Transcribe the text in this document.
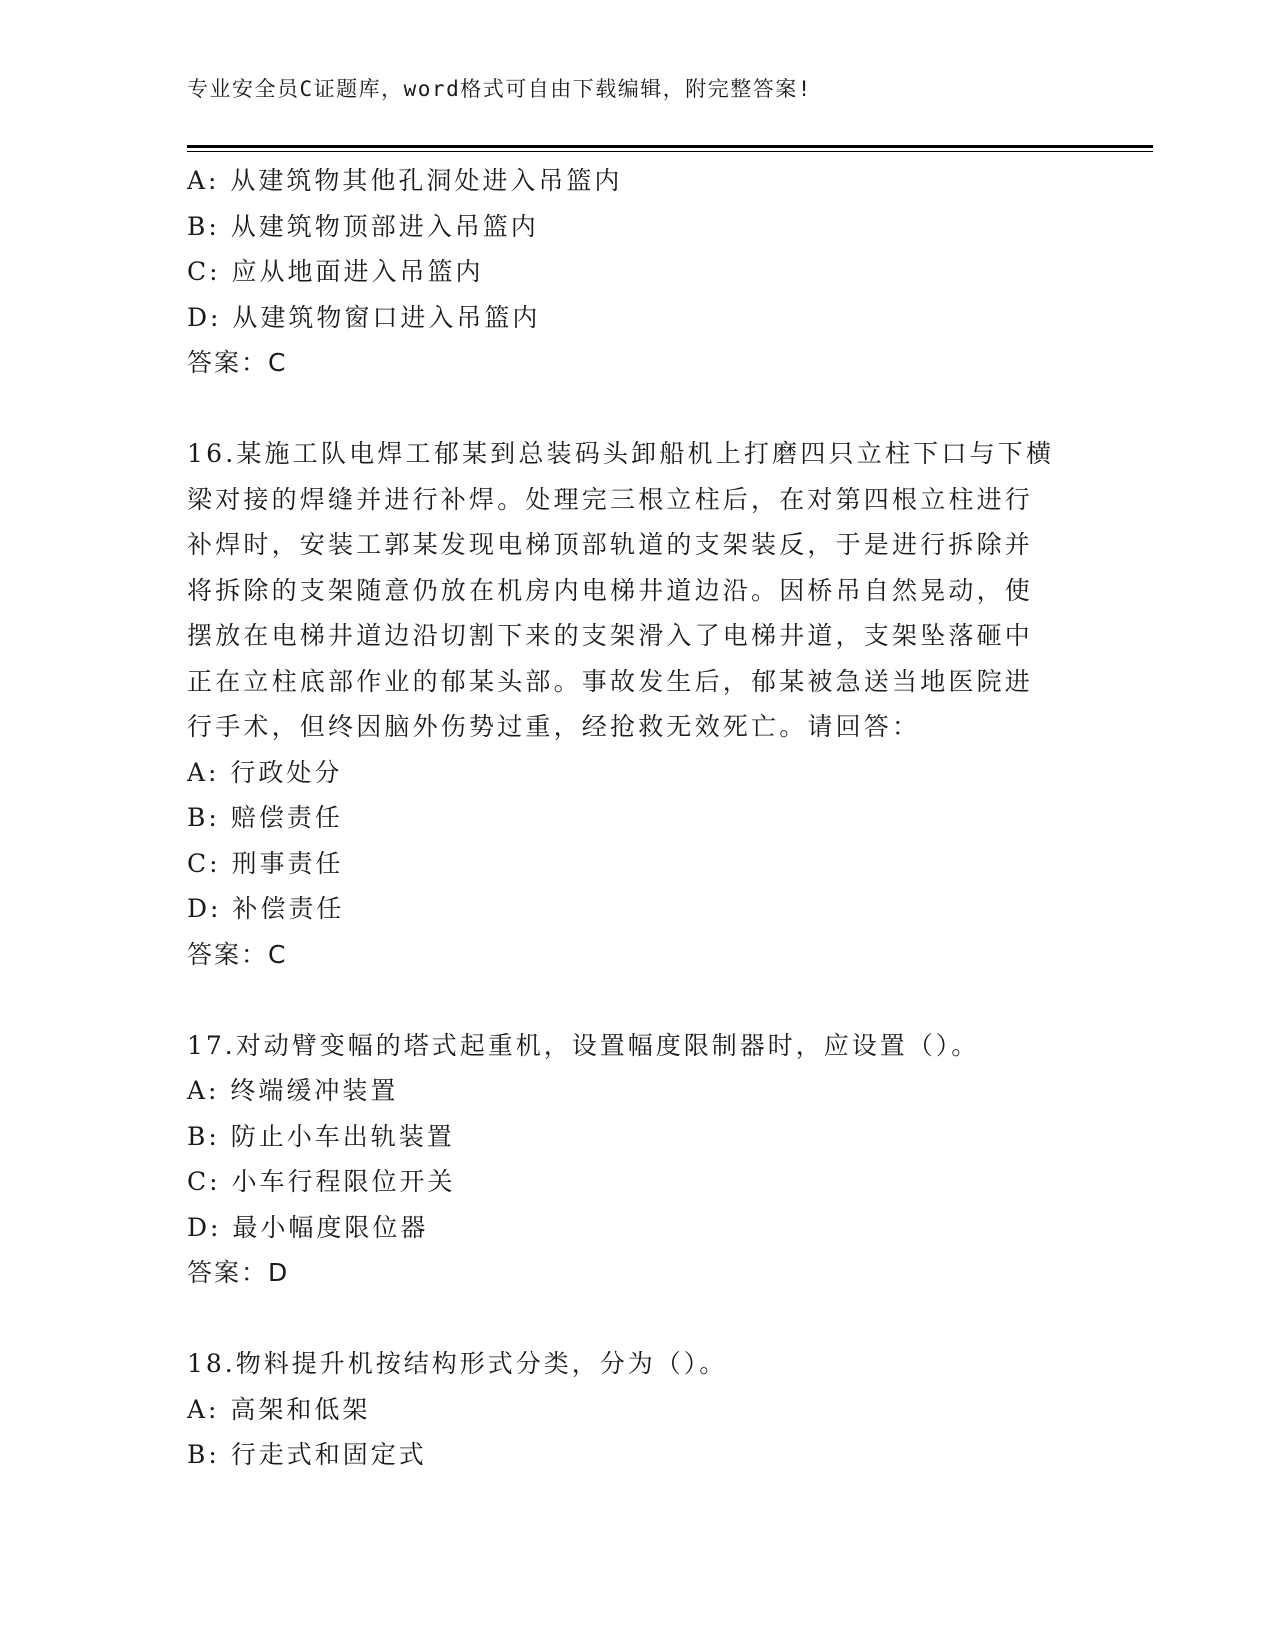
专业安全员C证题库，word格式可自由下载编辑，附完整答案!
A: 从建筑物其他孔洞处进入吊篮内
B: 从建筑物顶部进入吊篮内
C: 应从地面进入吊篮内
D: 从建筑物窗口进入吊篮内
答案：C
16.某施工队电焊工郁某到总装码头卸船机上打磨四只立柱下口与下横
梁对接的焊缝并进行补焊。处理完三根立柱后，在对第四根立柱进行
补焊时，安装工郭某发现电梯顶部轨道的支架装反，于是进行拆除并
将拆除的支架随意仍放在机房内电梯井道边沿。因桥吊自然晃动，使
摆放在电梯井道边沿切割下来的支架滑入了电梯井道，支架坠落砸中
正在立柱底部作业的郁某头部。事故发生后，郁某被急送当地医院进
行手术，但终因脑外伤势过重，经抢救无效死亡。请回答：
A: 行政处分
B: 赔偿责任
C: 刑事责任
D: 补偿责任
答案：C
17.对动臂变幅的塔式起重机，设置幅度限制器时，应设置（）。
A: 终端缓冲装置
B: 防止小车出轨装置
C: 小车行程限位开关
D: 最小幅度限位器
答案：D
18.物料提升机按结构形式分类，分为（）。
A: 高架和低架
B: 行走式和固定式
